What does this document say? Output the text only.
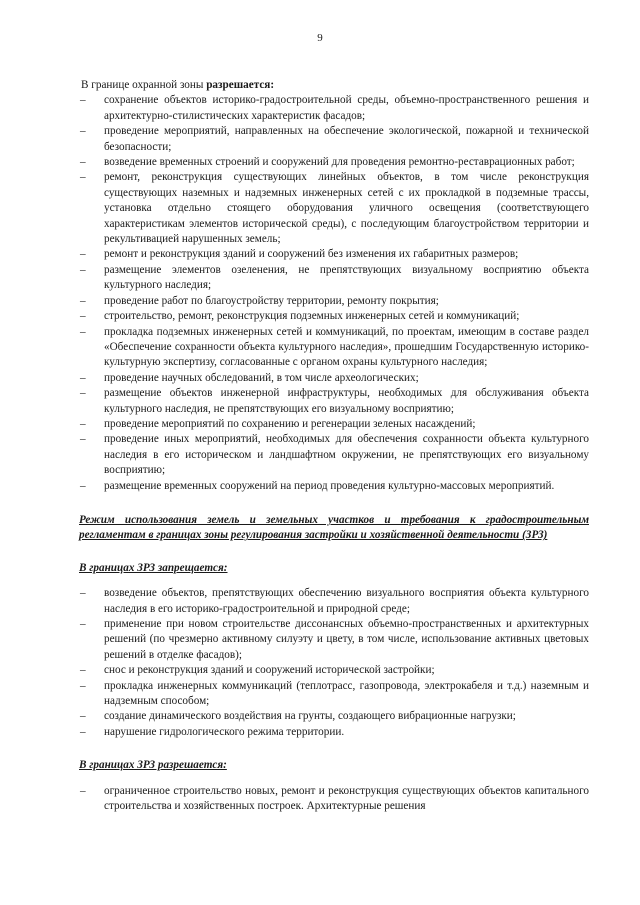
9

В границе охранной зоны разрешается:

– сохранение объектов историко-градостроительной среды, объемно-пространственного решения и архитектурно-стилистических характеристик фасадов;
– проведение мероприятий, направленных на обеспечение экологической, пожарной и технической безопасности;
– возведение временных строений и сооружений для проведения ремонтно-реставрационных работ;
– ремонт, реконструкция существующих линейных объектов, в том числе реконструкция существующих наземных и надземных инженерных сетей с их прокладкой в подземные трассы, установка отдельно стоящего оборудования уличного освещения (соответствующего характеристикам элементов исторической среды), с последующим благоустройством территории и рекультивацией нарушенных земель;
– ремонт и реконструкция зданий и сооружений без изменения их габаритных размеров;
– размещение элементов озеленения, не препятствующих визуальному восприятию объекта культурного наследия;
– проведение работ по благоустройству территории, ремонту покрытия;
– строительство, ремонт, реконструкция подземных инженерных сетей и коммуникаций;
– прокладка подземных инженерных сетей и коммуникаций, по проектам, имеющим в составе раздел «Обеспечение сохранности объекта культурного наследия», прошедшим Государственную историко-культурную экспертизу, согласованные с органом охраны культурного наследия;
– проведение научных обследований, в том числе археологических;
– размещение объектов инженерной инфраструктуры, необходимых для обслуживания объекта культурного наследия, не препятствующих его визуальному восприятию;
– проведение мероприятий по сохранению и регенерации зеленых насаждений;
– проведение иных мероприятий, необходимых для обеспечения сохранности объекта культурного наследия в его историческом и ландшафтном окружении, не препятствующих его визуальному восприятию;
– размещение временных сооружений на период проведения культурно-массовых мероприятий.

Режим использования земель и земельных участков и требования к градостроительным регламентам в границах зоны регулирования застройки и хозяйственной деятельности (ЗРЗ)

В границах ЗРЗ запрещается:

– возведение объектов, препятствующих обеспечению визуального восприятия объекта культурного наследия в его историко-градостроительной и природной среде;
– применение при новом строительстве диссонансных объемно-пространственных и архитектурных решений (по чрезмерно активному силуэту и цвету, в том числе, использование активных цветовых решений в отделке фасадов);
– снос и реконструкция зданий и сооружений исторической застройки;
– прокладка инженерных коммуникаций (теплотрасс, газопровода, электрокабеля и т.д.) наземным и надземным способом;
– создание динамического воздействия на грунты, создающего вибрационные нагрузки;
– нарушение гидрологического режима территории.

В границах ЗРЗ разрешается:

– ограниченное строительство новых, ремонт и реконструкция существующих объектов капитального строительства и хозяйственных построек. Архитектурные решения
